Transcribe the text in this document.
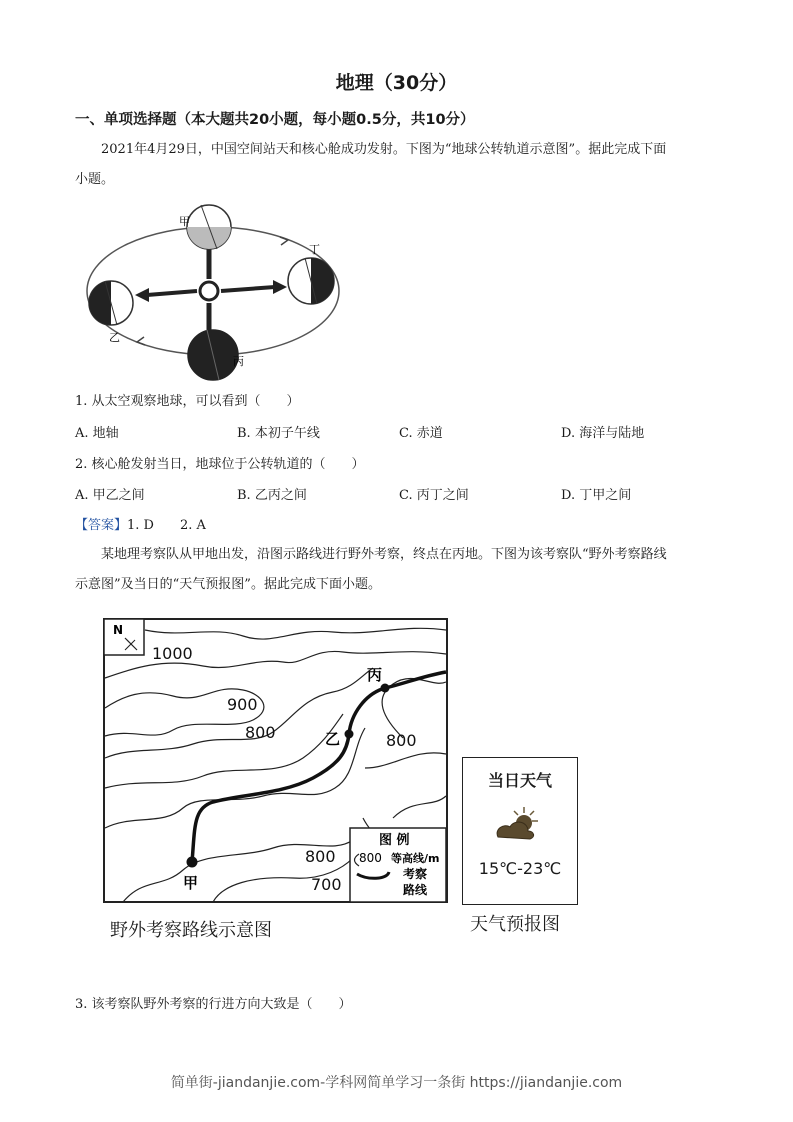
地理（30分）
一、单项选择题（本大题共20小题，每小题0.5分，共10分）
2021年4月29日，中国空间站天和核心舱成功发射。下图为“地球公转轨道示意图”。据此完成下面
小题。
甲
乙
丙
丁
1. 从太空观察地球，可以看到（　　）
A. 地轴	B. 本初子午线	C. 赤道	D. 海洋与陆地
2. 核心舱发射当日，地球位于公转轨道的（　　）
A. 甲乙之间	B. 乙丙之间	C. 丙丁之间	D. 丁甲之间
【答案】1. D　　2. A
某地理考察队从甲地出发，沿图示路线进行野外考察，终点在丙地。下图为该考察队“野外考察路线
示意图”及当日的“天气预报图”。据此完成下面小题。
N
甲
乙
丙
1000
900
800	800
800
700
图 例
800 等高线/m
考察
路线
野外考察路线示意图
当日天气
15℃-23℃
天气预报图
3. 该考察队野外考察的行进方向大致是（　　）
简单街-jiandanjie.com-学科网简单学习一条街 https://jiandanjie.com
